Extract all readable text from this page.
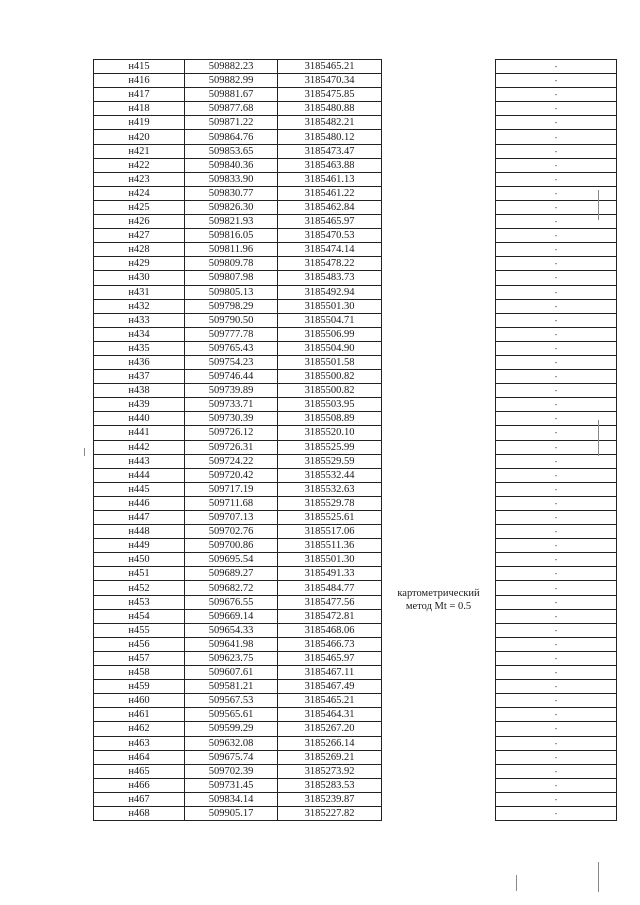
н415	509882.23	3185465.21	картометрический метод Mt = 0.5	-
н416	509882.99	3185470.34		-
н417	509881.67	3185475.85		-
н418	509877.68	3185480.88		-
н419	509871.22	3185482.21		-
н420	509864.76	3185480.12		-
н421	509853.65	3185473.47		-
н422	509840.36	3185463.88		-
н423	509833.90	3185461.13		-
н424	509830.77	3185461.22		-
н425	509826.30	3185462.84		-
н426	509821.93	3185465.97		-
н427	509816.05	3185470.53		-
н428	509811.96	3185474.14		-
н429	509809.78	3185478.22		-
н430	509807.98	3185483.73		-
н431	509805.13	3185492.94		-
н432	509798.29	3185501.30		-
н433	509790.50	3185504.71		-
н434	509777.78	3185506.99		-
н435	509765.43	3185504.90		-
н436	509754.23	3185501.58		-
н437	509746.44	3185500.82		-
н438	509739.89	3185500.82		-
н439	509733.71	3185503.95		-
н440	509730.39	3185508.89		-
н441	509726.12	3185520.10		-
н442	509726.31	3185525.99		-
н443	509724.22	3185529.59		-
н444	509720.42	3185532.44		-
н445	509717.19	3185532.63		-
н446	509711.68	3185529.78		-
н447	509707.13	3185525.61		-
н448	509702.76	3185517.06		-
н449	509700.86	3185511.36		-
н450	509695.54	3185501.30		-
н451	509689.27	3185491.33		-
н452	509682.72	3185484.77		-
н453	509676.55	3185477.56		-
н454	509669.14	3185472.81		-
н455	509654.33	3185468.06		-
н456	509641.98	3185466.73		-
н457	509623.75	3185465.97		-
н458	509607.61	3185467.11		-
н459	509581.21	3185467.49		-
н460	509567.53	3185465.21		-
н461	509565.61	3185464.31		-
н462	509599.29	3185267.20		-
н463	509632.08	3185266.14		-
н464	509675.74	3185269.21		-
н465	509702.39	3185273.92		-
н466	509731.45	3185283.53		-
н467	509834.14	3185239.87		-
н468	509905.17	3185227.82		-
